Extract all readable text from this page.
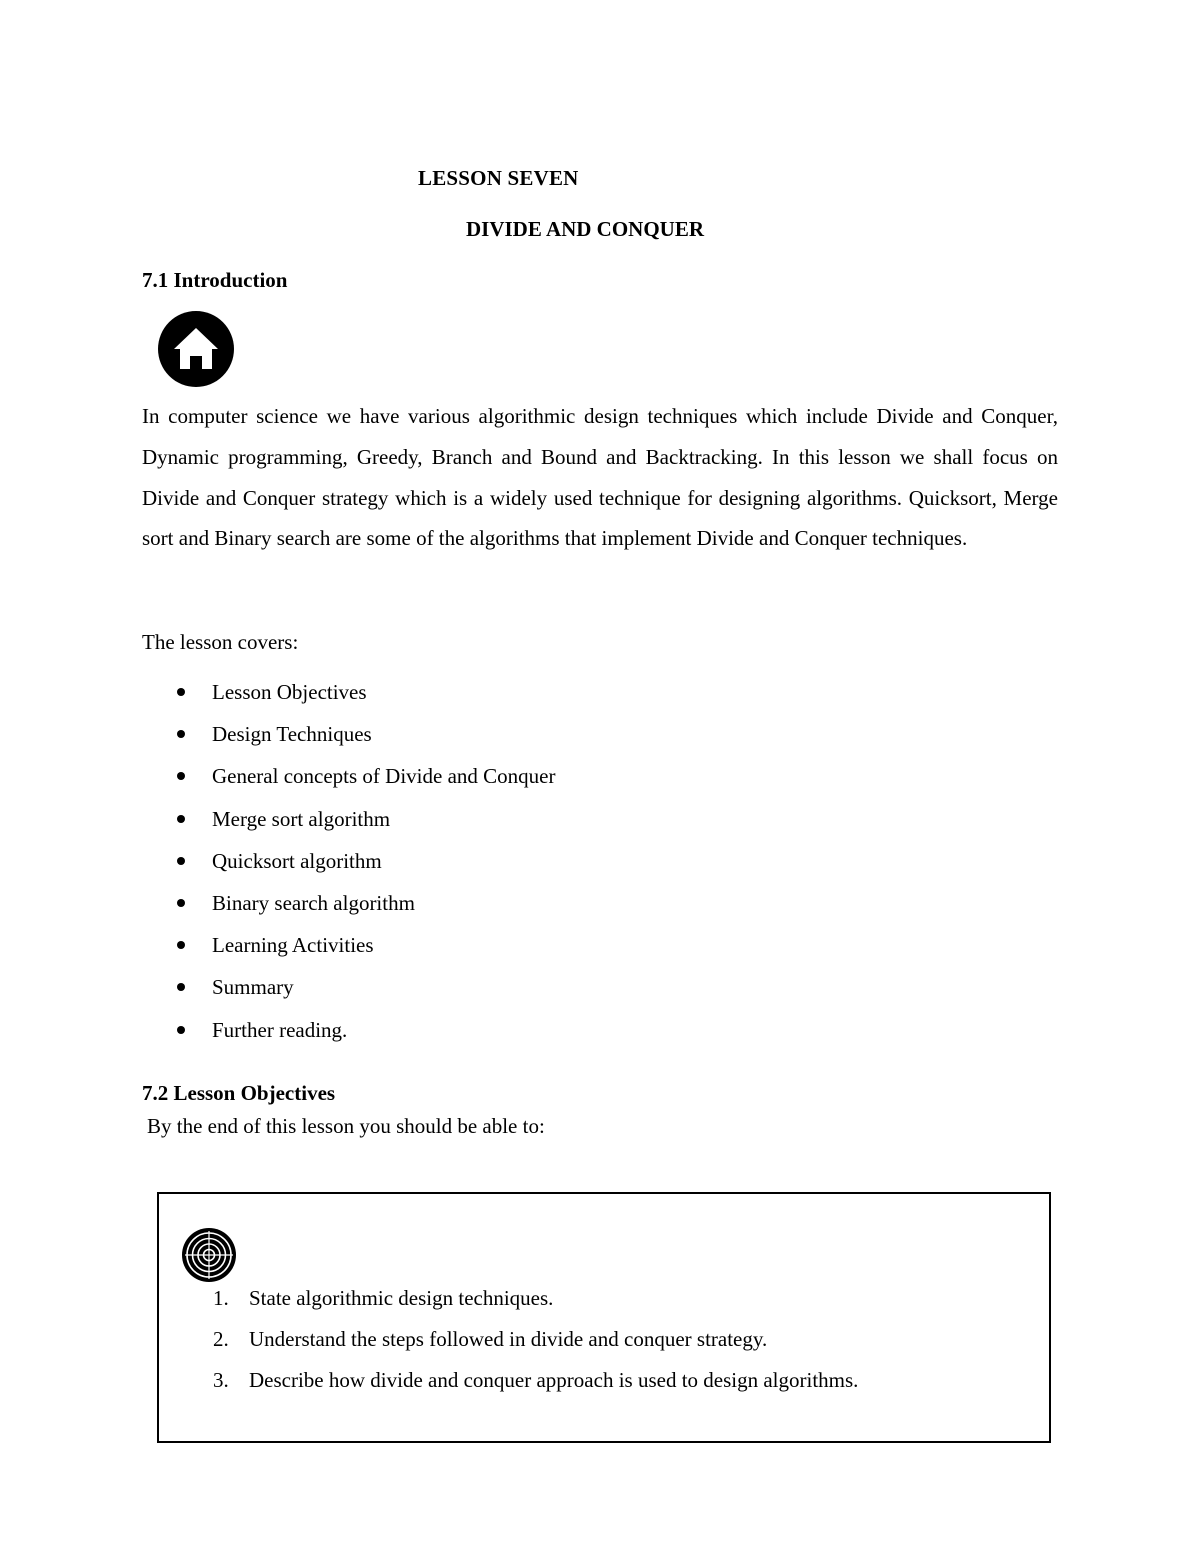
LESSON SEVEN
DIVIDE AND CONQUER
7.1 Introduction

In computer science we have various algorithmic design techniques which include Divide and Conquer, Dynamic programming, Greedy, Branch and Bound and Backtracking. In this lesson we shall focus on Divide and Conquer strategy which is a widely used technique for designing algorithms. Quicksort, Merge sort and Binary search are some of the algorithms that implement Divide and Conquer techniques.

The lesson covers:
Lesson Objectives
Design Techniques
General concepts of Divide and Conquer
Merge sort algorithm
Quicksort algorithm
Binary search algorithm
Learning Activities
Summary
Further reading.
7.2 Lesson Objectives
By the end of this lesson you should be able to:
1. State algorithmic design techniques.
2. Understand the steps followed in divide and conquer strategy.
3. Describe how divide and conquer approach is used to design algorithms.
